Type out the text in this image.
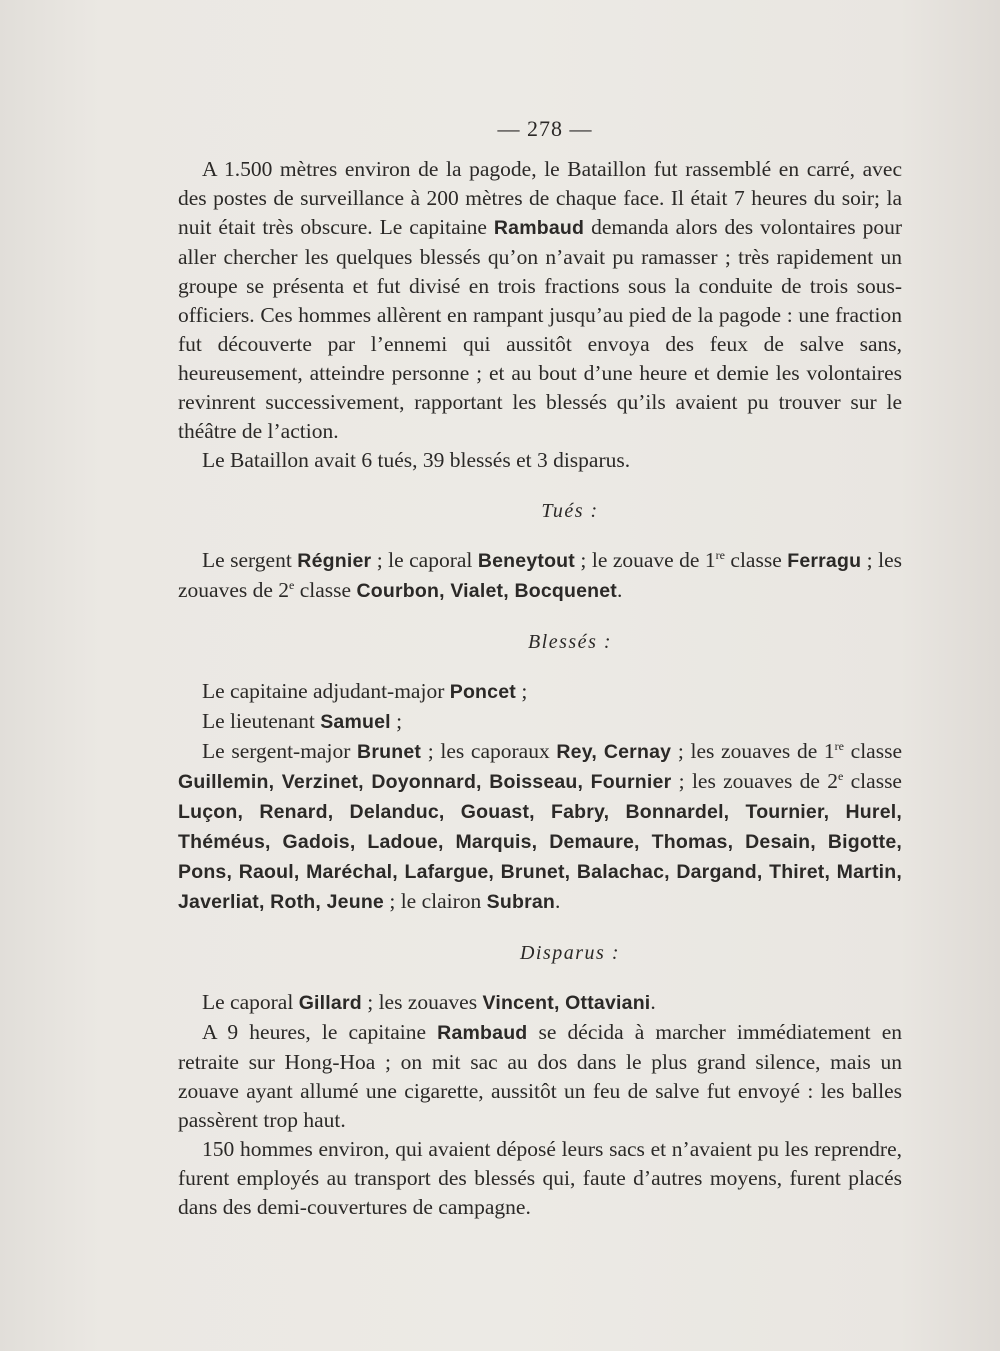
— 278 —

A 1.500 mètres environ de la pagode, le Bataillon fut rassemblé en carré, avec des postes de surveillance à 200 mètres de chaque face. Il était 7 heures du soir; la nuit était très obscure. Le capitaine Rambaud demanda alors des volontaires pour aller chercher les quelques blessés qu’on n’avait pu ramasser ; très rapidement un groupe se présenta et fut divisé en trois fractions sous la conduite de trois sous-officiers. Ces hommes allèrent en rampant jusqu’au pied de la pagode : une fraction fut découverte par l’ennemi qui aussitôt envoya des feux de salve sans, heureusement, atteindre personne ; et au bout d’une heure et demie les volontaires revinrent successivement, rapportant les blessés qu’ils avaient pu trouver sur le théâtre de l’action.

Le Bataillon avait 6 tués, 39 blessés et 3 disparus.

Tués :

Le sergent Régnier ; le caporal Beneytout ; le zouave de 1re classe Ferragu ; les zouaves de 2e classe Courbon, Vialet, Bocquenet.

Blessés :

Le capitaine adjudant-major Poncet ;

Le lieutenant Samuel ;

Le sergent-major Brunet ; les caporaux Rey, Cernay ; les zouaves de 1re classe Guillemin, Verzinet, Doyonnard, Boisseau, Fournier ; les zouaves de 2e classe Luçon, Renard, Delanduc, Gouast, Fabry, Bonnardel, Tournier, Hurel, Théméus, Gadois, Ladoue, Marquis, Demaure, Thomas, Desain, Bigotte, Pons, Raoul, Maréchal, Lafargue, Brunet, Balachac, Dargand, Thiret, Martin, Javerliat, Roth, Jeune ; le clairon Subran.

Disparus :

Le caporal Gillard ; les zouaves Vincent, Ottaviani.

A 9 heures, le capitaine Rambaud se décida à marcher immédiatement en retraite sur Hong-Hoa ; on mit sac au dos dans le plus grand silence, mais un zouave ayant allumé une cigarette, aussitôt un feu de salve fut envoyé : les balles passèrent trop haut.

150 hommes environ, qui avaient déposé leurs sacs et n’avaient pu les reprendre, furent employés au transport des blessés qui, faute d’autres moyens, furent placés dans des demi-couvertures de campagne.
